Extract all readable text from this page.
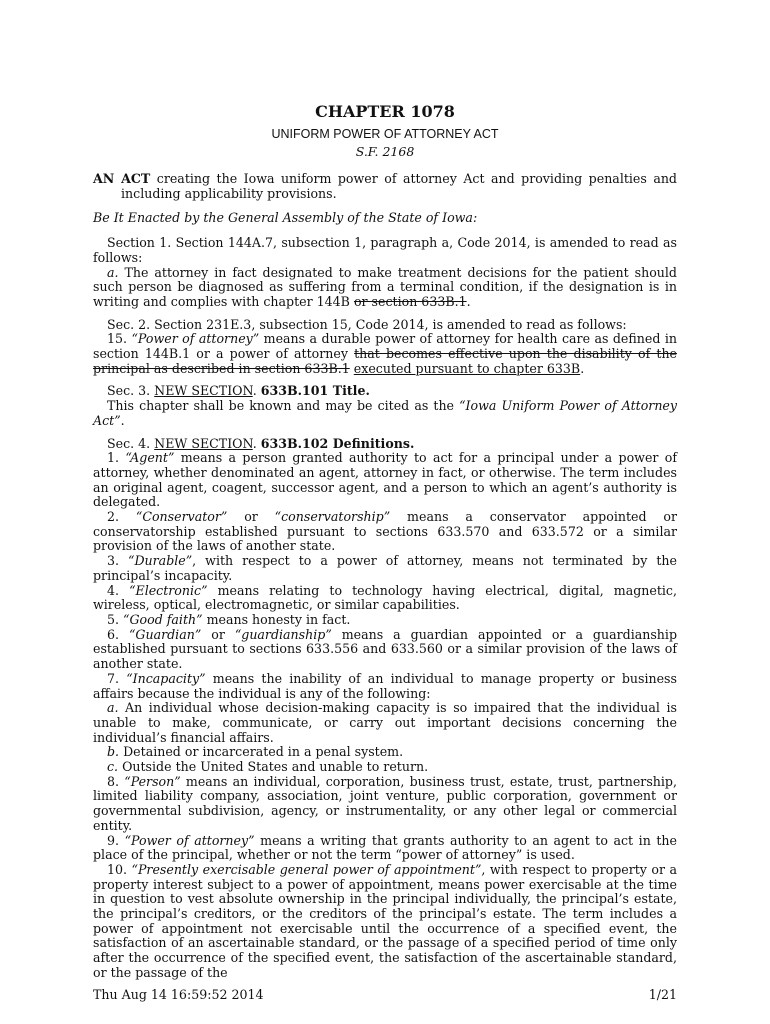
CHAPTER 1078
UNIFORM POWER OF ATTORNEY ACT
S.F. 2168
AN ACT creating the Iowa uniform power of attorney Act and providing penalties and including applicability provisions.
Be It Enacted by the General Assembly of the State of Iowa:

Section 1. Section 144A.7, subsection 1, paragraph a, Code 2014, is amended to read as follows:

a. The attorney in fact designated to make treatment decisions for the patient should such person be diagnosed as suffering from a terminal condition, if the designation is in writing and complies with chapter 144B or section 633B.1.

Sec. 2. Section 231E.3, subsection 15, Code 2014, is amended to read as follows:

15. “Power of attorney” means a durable power of attorney for health care as defined in section 144B.1 or a power of attorney that becomes effective upon the disability of the principal as described in section 633B.1 executed pursuant to chapter 633B.

Sec. 3. NEW SECTION. 633B.101 Title.

This chapter shall be known and may be cited as the “Iowa Uniform Power of Attorney Act”.

Sec. 4. NEW SECTION. 633B.102 Definitions.

1. “Agent” means a person granted authority to act for a principal under a power of attorney, whether denominated an agent, attorney in fact, or otherwise. The term includes an original agent, coagent, successor agent, and a person to which an agent’s authority is delegated.

2. “Conservator” or “conservatorship” means a conservator appointed or conservatorship established pursuant to sections 633.570 and 633.572 or a similar provision of the laws of another state.

3. “Durable”, with respect to a power of attorney, means not terminated by the principal’s incapacity.

4. “Electronic” means relating to technology having electrical, digital, magnetic, wireless, optical, electromagnetic, or similar capabilities.

5. “Good faith” means honesty in fact.

6. “Guardian” or “guardianship” means a guardian appointed or a guardianship established pursuant to sections 633.556 and 633.560 or a similar provision of the laws of another state.

7. “Incapacity” means the inability of an individual to manage property or business affairs because the individual is any of the following:

a. An individual whose decision-making capacity is so impaired that the individual is unable to make, communicate, or carry out important decisions concerning the individual’s financial affairs.

b. Detained or incarcerated in a penal system.

c. Outside the United States and unable to return.

8. “Person” means an individual, corporation, business trust, estate, trust, partnership, limited liability company, association, joint venture, public corporation, government or governmental subdivision, agency, or instrumentality, or any other legal or commercial entity.

9. “Power of attorney” means a writing that grants authority to an agent to act in the place of the principal, whether or not the term “power of attorney” is used.

10. “Presently exercisable general power of appointment”, with respect to property or a property interest subject to a power of appointment, means power exercisable at the time in question to vest absolute ownership in the principal individually, the principal’s estate, the principal’s creditors, or the creditors of the principal’s estate. The term includes a power of appointment not exercisable until the occurrence of a specified event, the satisfaction of an ascertainable standard, or the passage of a specified period of time only after the occurrence of the specified event, the satisfaction of the ascertainable standard, or the passage of the

Thu Aug 14 16:59:52 2014	1/21
